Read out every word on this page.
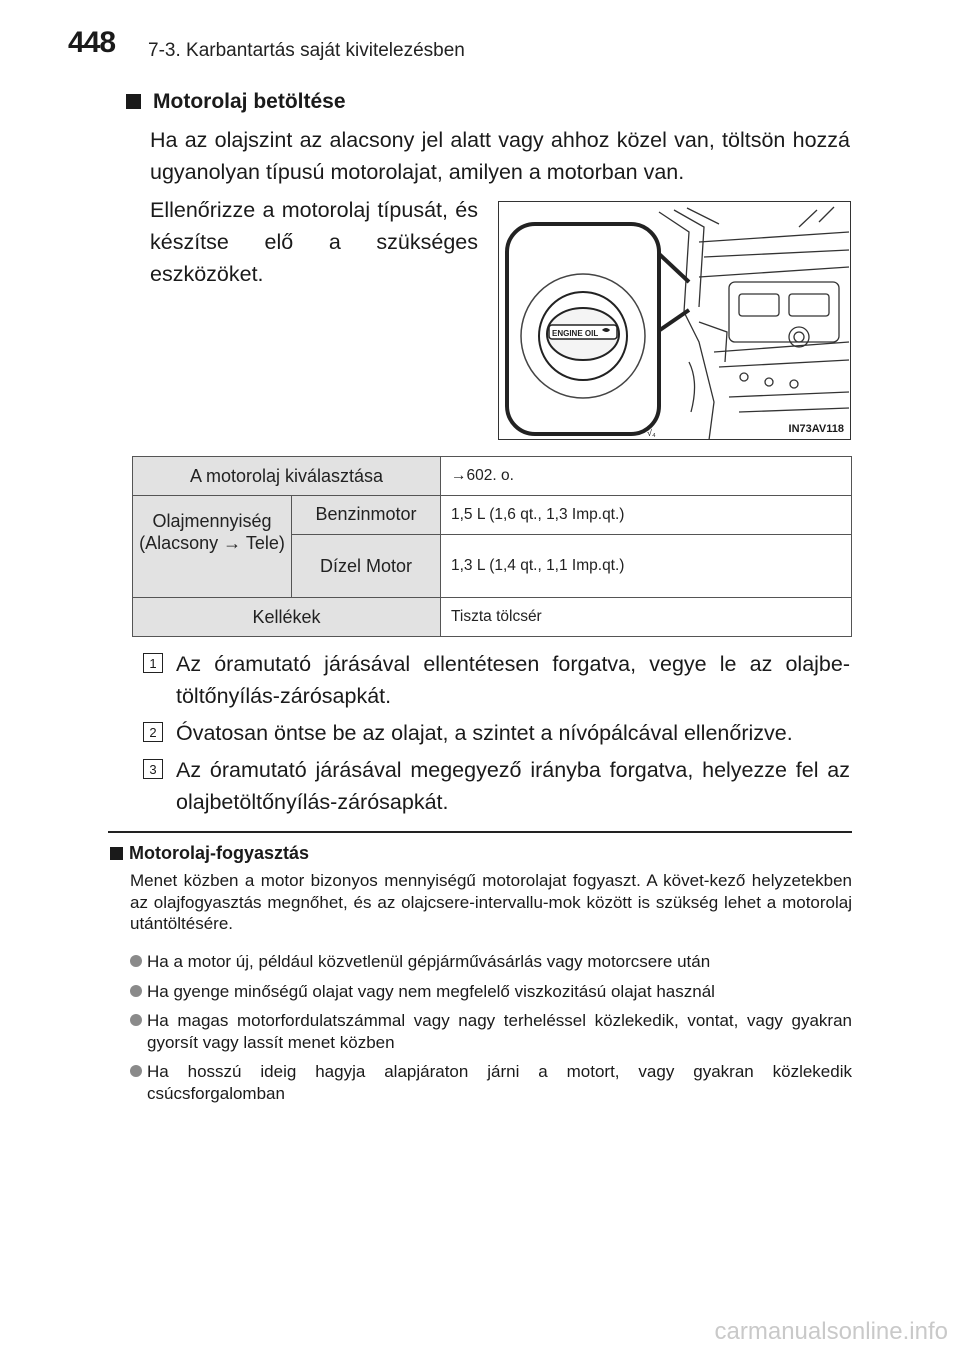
448 7-3. Karbantartás saját kivitelezésben
Motorolaj betöltése
Ha az olajszint az alacsony jel alatt vagy ahhoz közel van, töltsön hozzá ugyanolyan típusú motorolajat, amilyen a motorban van.
Ellenőrizze a motorolaj típusát, és készítse elő a szükséges eszközöket.
ENGINE OIL
√₄	IN73AV118
A motorolaj kiválasztása		→602. o.
Olajmennyiség (Alacsony → Tele)	Benzinmotor	1,5 L (1,6 qt., 1,3 Imp.qt.)
	Dízel Motor	1,3 L (1,4 qt., 1,1 Imp.qt.)
Kellékek		Tiszta tölcsér
1 Az óramutató járásával ellentétesen forgatva, vegye le az olajbe-töltőnyílás-zárósapkát.
2 Óvatosan öntse be az olajat, a szintet a nívópálcával ellenőrizve.
3 Az óramutató járásával megegyező irányba forgatva, helyezze fel az olajbetöltőnyílás-zárósapkát.
Motorolaj-fogyasztás
Menet közben a motor bizonyos mennyiségű motorolajat fogyaszt. A követ-kező helyzetekben az olajfogyasztás megnőhet, és az olajcsere-intervallu-mok között is szükség lehet a motorolaj utántöltésére.
Ha a motor új, például közvetlenül gépjárművásárlás vagy motorcsere után
Ha gyenge minőségű olajat vagy nem megfelelő viszkozitású olajat használ
Ha magas motorfordulatszámmal vagy nagy terheléssel közlekedik, vontat, vagy gyakran gyorsít vagy lassít menet közben
Ha hosszú ideig hagyja alapjáraton járni a motort, vagy gyakran közlekedik csúcsforgalomban
carmanualsonline.info
